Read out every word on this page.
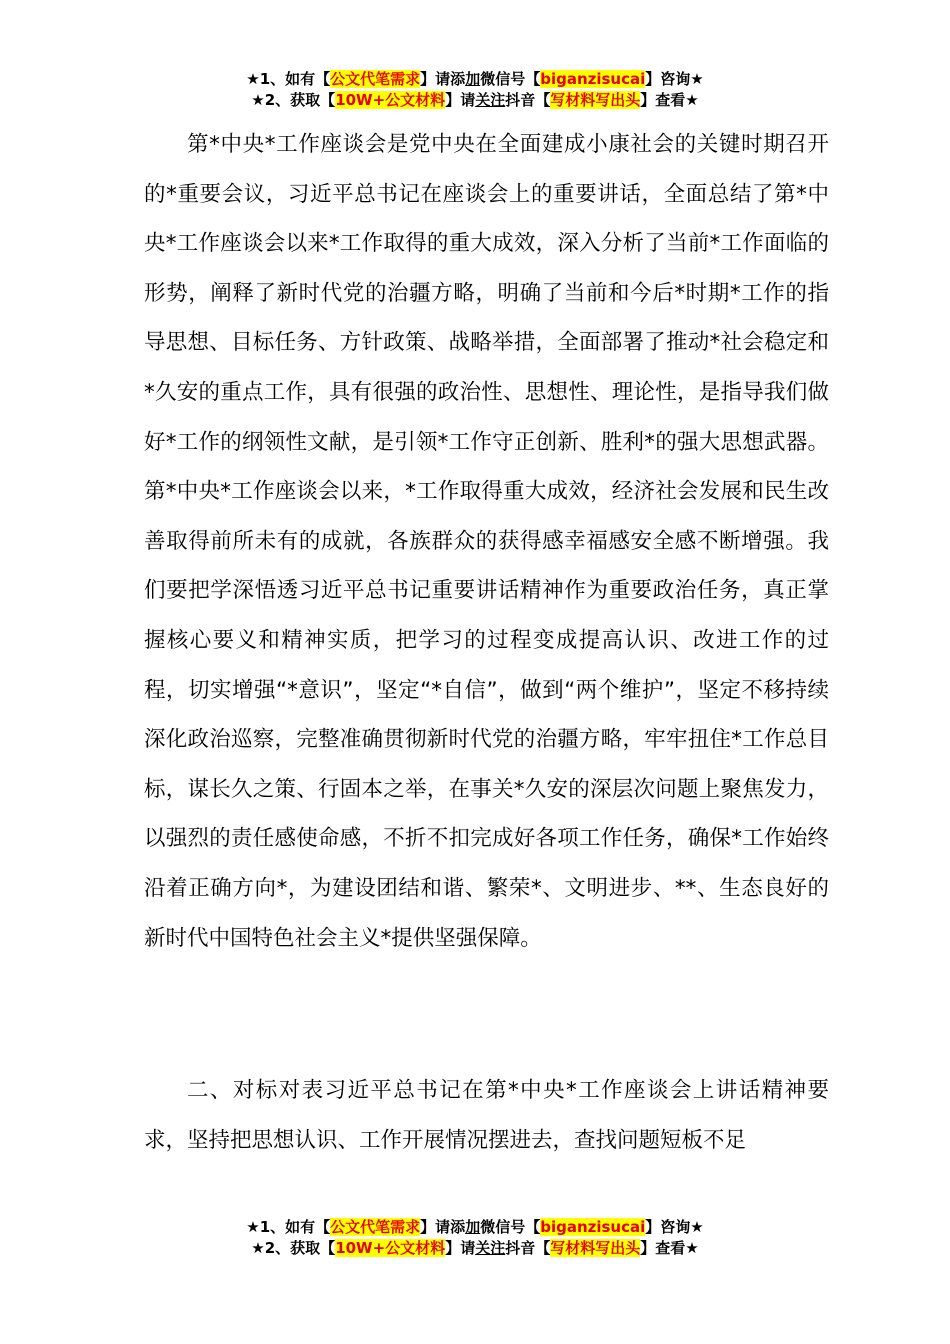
★1、如有【公文代笔需求】请添加微信号【biganzisucai】咨询★
★2、获取【10W+公文材料】请关注抖音【写材料写出头】查看★

第*中央*工作座谈会是党中央在全面建成小康社会的关键时期召开的*重要会议，习近平总书记在座谈会上的重要讲话，全面总结了第*中央*工作座谈会以来*工作取得的重大成效，深入分析了当前*工作面临的形势，阐释了新时代党的治疆方略，明确了当前和今后*时期*工作的指导思想、目标任务、方针政策、战略举措，全面部署了推动*社会稳定和*久安的重点工作，具有很强的政治性、思想性、理论性，是指导我们做好*工作的纲领性文献，是引领*工作守正创新、胜利*的强大思想武器。第*中央*工作座谈会以来，*工作取得重大成效，经济社会发展和民生改善取得前所未有的成就，各族群众的获得感幸福感安全感不断增强。我们要把学深悟透习近平总书记重要讲话精神作为重要政治任务，真正掌握核心要义和精神实质，把学习的过程变成提高认识、改进工作的过程，切实增强“*意识”，坚定“*自信”，做到“两个维护”，坚定不移持续深化政治巡察，完整准确贯彻新时代党的治疆方略，牢牢扭住*工作总目标，谋长久之策、行固本之举，在事关*久安的深层次问题上聚焦发力，以强烈的责任感使命感，不折不扣完成好各项工作任务，确保*工作始终沿着正确方向*，为建设团结和谐、繁荣*、文明进步、**、生态良好的新时代中国特色社会主义*提供坚强保障。

二、对标对表习近平总书记在第*中央*工作座谈会上讲话精神要求，坚持把思想认识、工作开展情况摆进去，查找问题短板不足

★1、如有【公文代笔需求】请添加微信号【biganzisucai】咨询★
★2、获取【10W+公文材料】请关注抖音【写材料写出头】查看★
